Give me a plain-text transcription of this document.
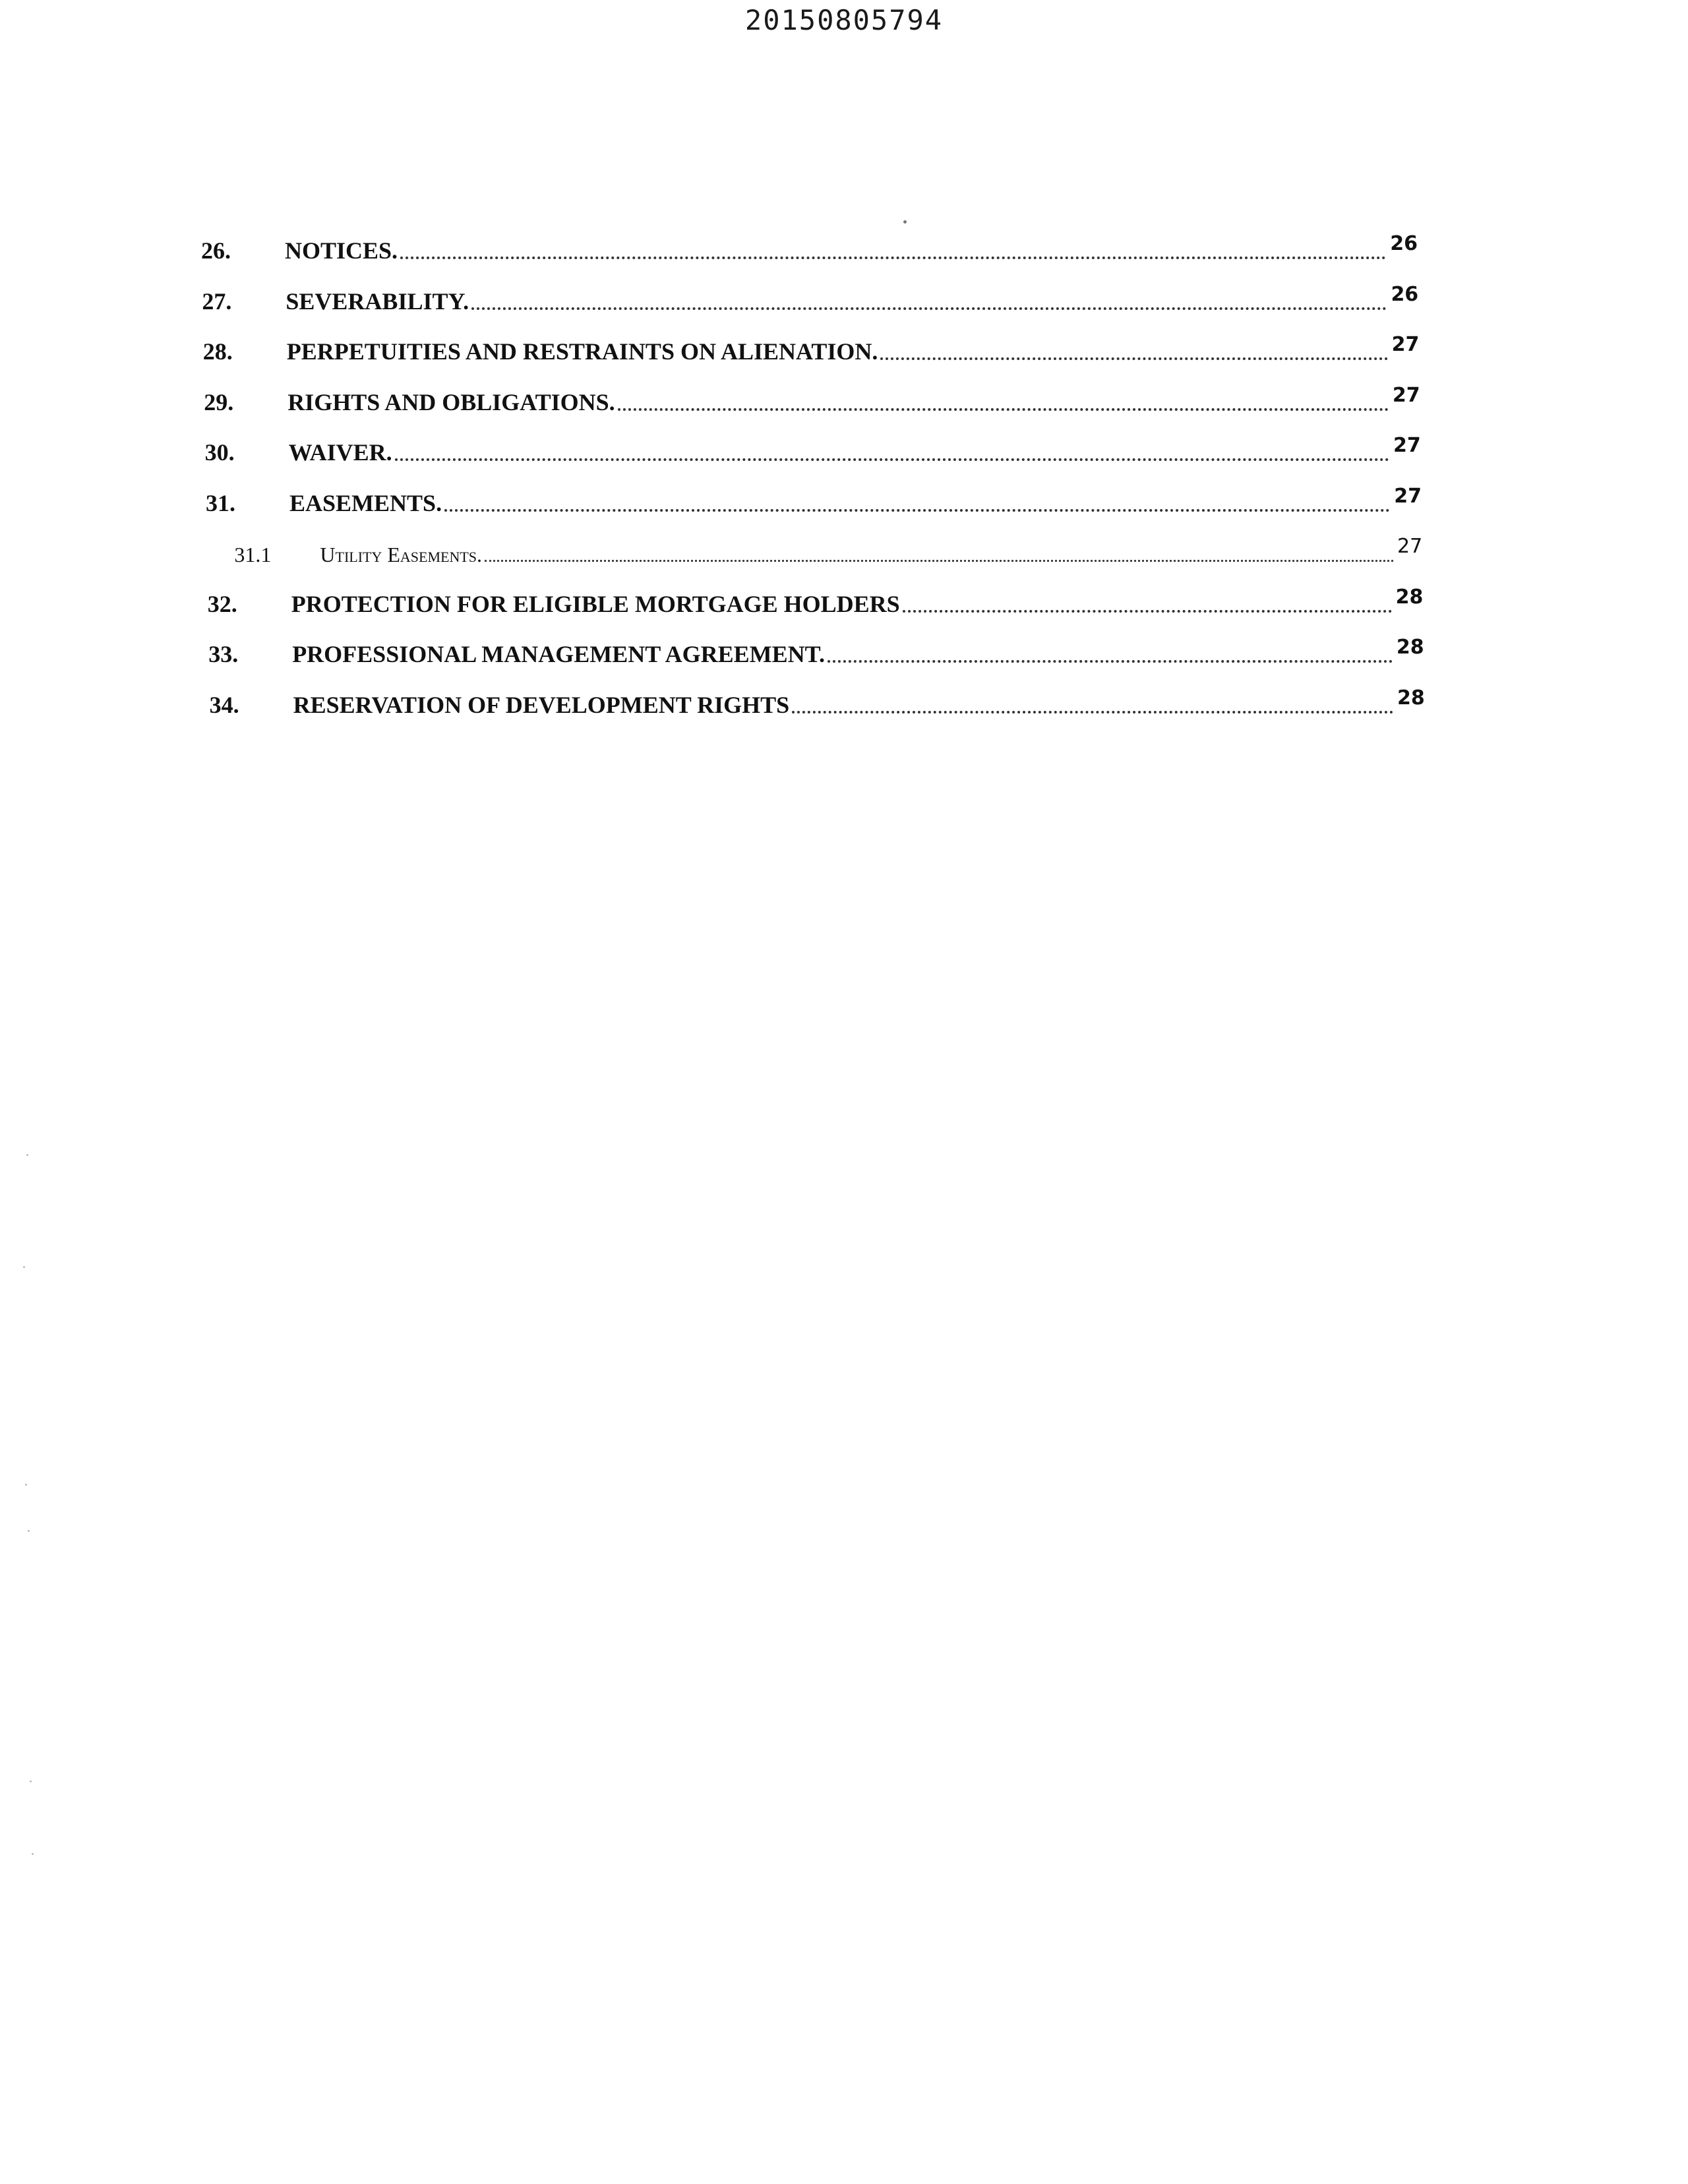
20150805794
26.	NOTICES.	26
27.	SEVERABILITY.	26
28.	PERPETUITIES AND RESTRAINTS ON ALIENATION.	27
29.	RIGHTS AND OBLIGATIONS.	27
30.	WAIVER.	27
31.	EASEMENTS.	27
31.1	Utility Easements.	27
32.	PROTECTION FOR ELIGIBLE MORTGAGE HOLDERS	28
33.	PROFESSIONAL MANAGEMENT AGREEMENT.	28
34.	RESERVATION OF DEVELOPMENT RIGHTS	28
